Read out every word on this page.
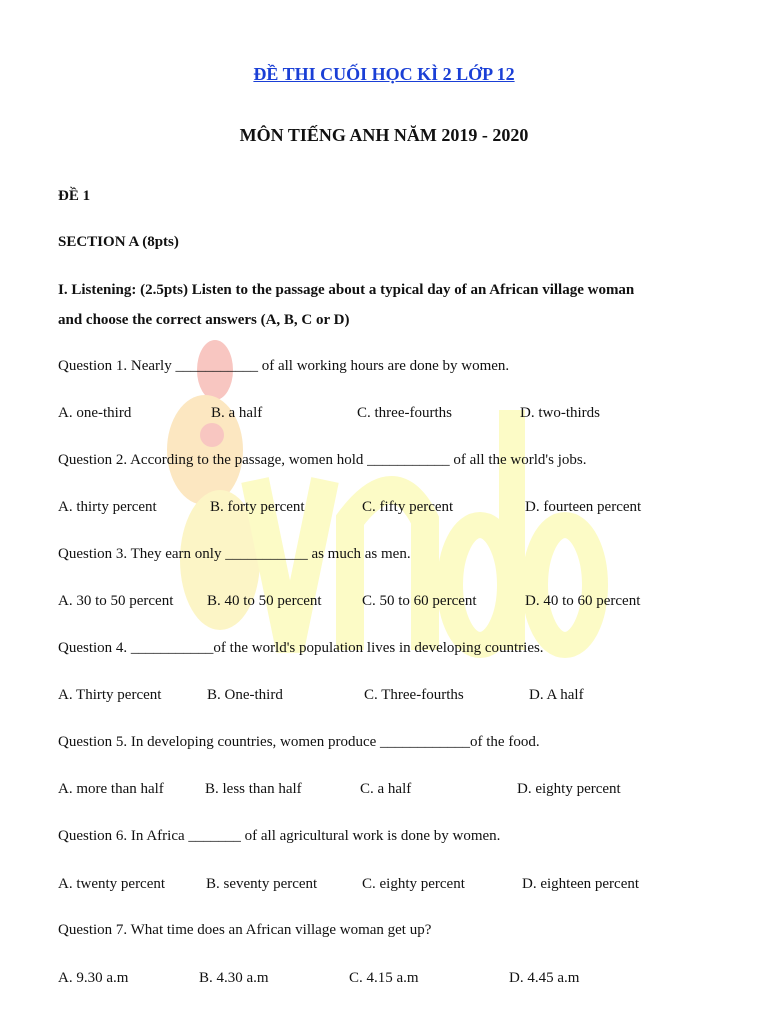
ĐỀ THI CUỐI HỌC KÌ 2 LỚP 12
MÔN TIẾNG ANH NĂM 2019 - 2020
ĐỀ 1
SECTION A (8pts)
I. Listening: (2.5pts) Listen to the passage about a typical day of an African village woman
and choose the correct answers (A, B, C or D)
Question 1. Nearly ___________ of all working hours are done by women.
A. one-third	B. a half	C. three-fourths	D. two-thirds
Question 2. According to the passage, women hold ___________ of all the world's jobs.
A. thirty percent	B. forty percent	C. fifty percent	D. fourteen percent
Question 3. They earn only ___________ as much as men.
A. 30 to 50 percent B. 40 to 50 percent	C. 50 to 60 percent	D. 40 to 60 percent
Question 4. ___________of the world's population lives in developing countries.
A. Thirty percent	B. One-third	C. Three-fourths	D. A half
Question 5. In developing countries, women produce ____________of the food.
A. more than half	B. less than half	C. a half	D. eighty percent
Question 6. In Africa _______ of all agricultural work is done by women.
A. twenty percent	B. seventy percent	C. eighty percent	D. eighteen percent
Question 7. What time does an African village woman get up?
A. 9.30 a.m	B. 4.30 a.m	C. 4.15 a.m	D. 4.45 a.m
